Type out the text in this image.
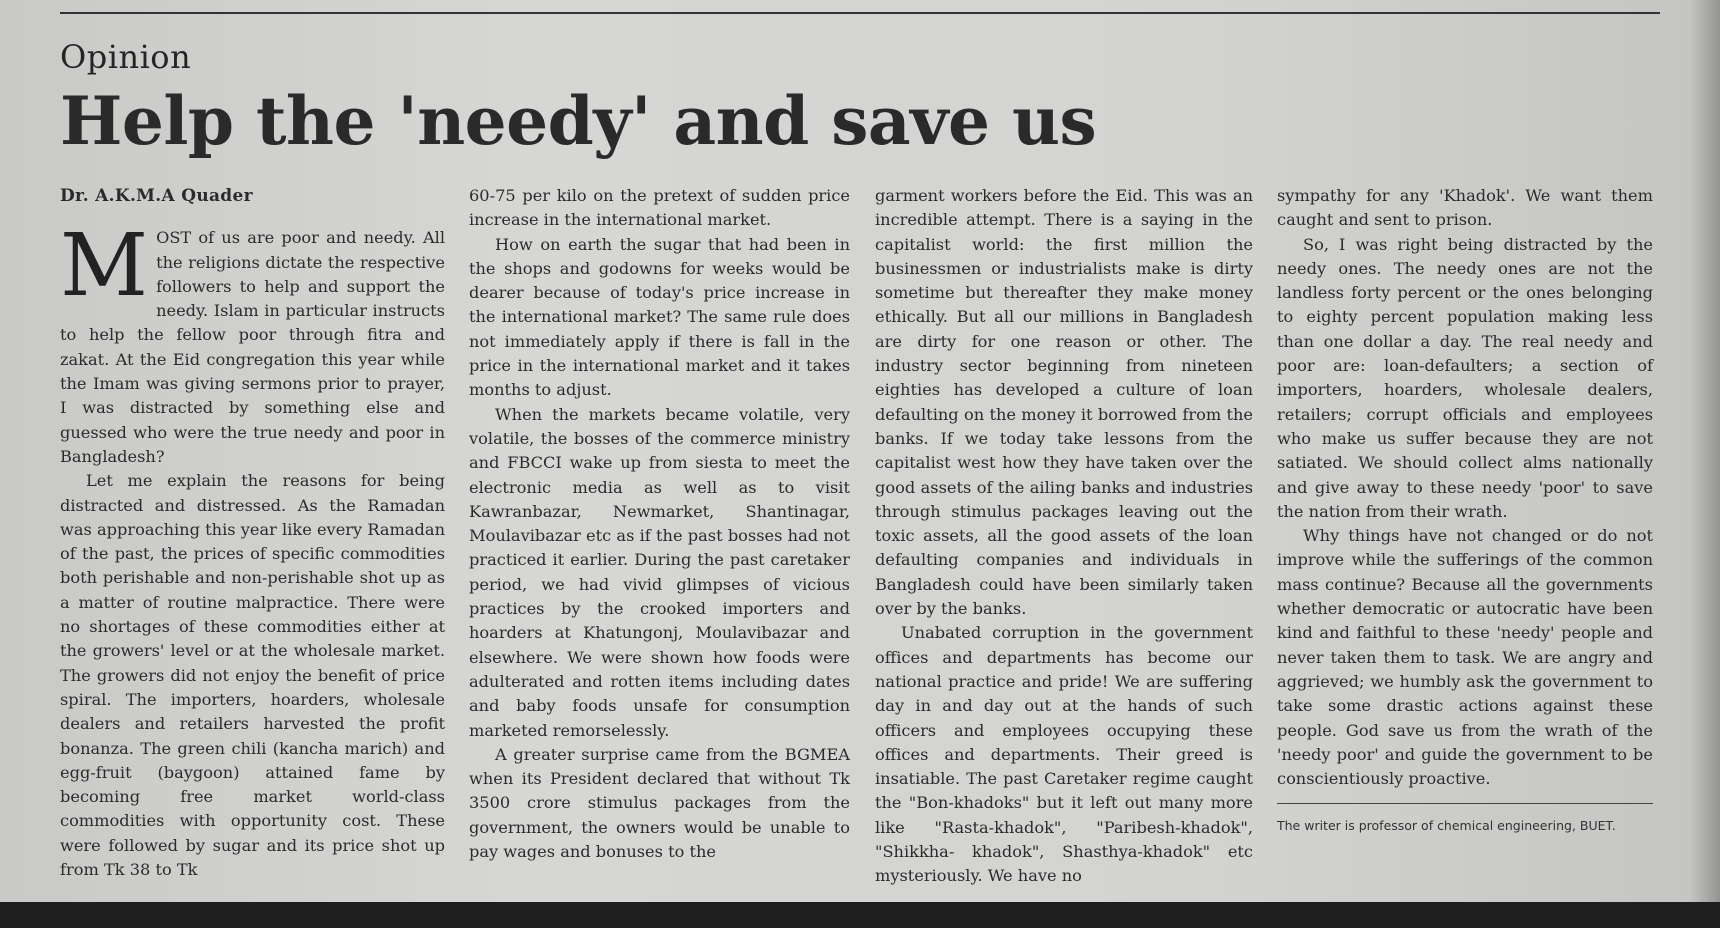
Opinion
Help the 'needy' and save us
Dr. A.K.M.A Quader

MOST of us are poor and needy. All the religions dictate the respective followers to help and support the needy. Islam in particular instructs to help the fellow poor through fitra and zakat. At the Eid congregation this year while the Imam was giving sermons prior to prayer, I was distracted by something else and guessed who were the true needy and poor in Bangladesh?

Let me explain the reasons for being distracted and distressed. As the Ramadan was approaching this year like every Ramadan of the past, the prices of specific commodities both perishable and non-perishable shot up as a matter of routine malpractice. There were no shortages of these commodities either at the growers' level or at the wholesale market. The growers did not enjoy the benefit of price spiral. The importers, hoarders, wholesale dealers and retailers harvested the profit bonanza. The green chili (kancha marich) and egg-fruit (baygoon) attained fame by becoming free market world-class commodities with opportunity cost. These were followed by sugar and its price shot up from Tk 38 to Tk

60-75 per kilo on the pretext of sudden price increase in the international market.

How on earth the sugar that had been in the shops and godowns for weeks would be dearer because of today's price increase in the international market? The same rule does not immediately apply if there is fall in the price in the international market and it takes months to adjust.

When the markets became volatile, very volatile, the bosses of the commerce ministry and FBCCI wake up from siesta to meet the electronic media as well as to visit Kawranbazar, Newmarket, Shantinagar, Moulavibazar etc as if the past bosses had not practiced it earlier. During the past caretaker period, we had vivid glimpses of vicious practices by the crooked importers and hoarders at Khatungonj, Moulavibazar and elsewhere. We were shown how foods were adulterated and rotten items including dates and baby foods unsafe for consumption marketed remorselessly.

A greater surprise came from the BGMEA when its President declared that without Tk 3500 crore stimulus packages from the government, the owners would be unable to pay wages and bonuses to the

garment workers before the Eid. This was an incredible attempt. There is a saying in the capitalist world: the first million the businessmen or industrialists make is dirty sometime but thereafter they make money ethically. But all our millions in Bangladesh are dirty for one reason or other. The industry sector beginning from nineteen eighties has developed a culture of loan defaulting on the money it borrowed from the banks. If we today take lessons from the capitalist west how they have taken over the good assets of the ailing banks and industries through stimulus packages leaving out the toxic assets, all the good assets of the loan defaulting companies and individuals in Bangladesh could have been similarly taken over by the banks.

Unabated corruption in the government offices and departments has become our national practice and pride! We are suffering day in and day out at the hands of such officers and employees occupying these offices and departments. Their greed is insatiable. The past Caretaker regime caught the "Bon-khadoks" but it left out many more like "Rasta-khadok", "Paribesh-khadok", "Shikkha- khadok", Shasthya-khadok" etc mysteriously. We have no

sympathy for any 'Khadok'. We want them caught and sent to prison.

So, I was right being distracted by the needy ones. The needy ones are not the landless forty percent or the ones belonging to eighty percent population making less than one dollar a day. The real needy and poor are: loan-defaulters; a section of importers, hoarders, wholesale dealers, retailers; corrupt officials and employees who make us suffer because they are not satiated. We should collect alms nationally and give away to these needy 'poor' to save the nation from their wrath.

Why things have not changed or do not improve while the sufferings of the common mass continue? Because all the governments whether democratic or autocratic have been kind and faithful to these 'needy' people and never taken them to task. We are angry and aggrieved; we humbly ask the government to take some drastic actions against these people. God save us from the wrath of the 'needy poor' and guide the government to be conscientiously proactive.

The writer is professor of chemical engineering, BUET.
